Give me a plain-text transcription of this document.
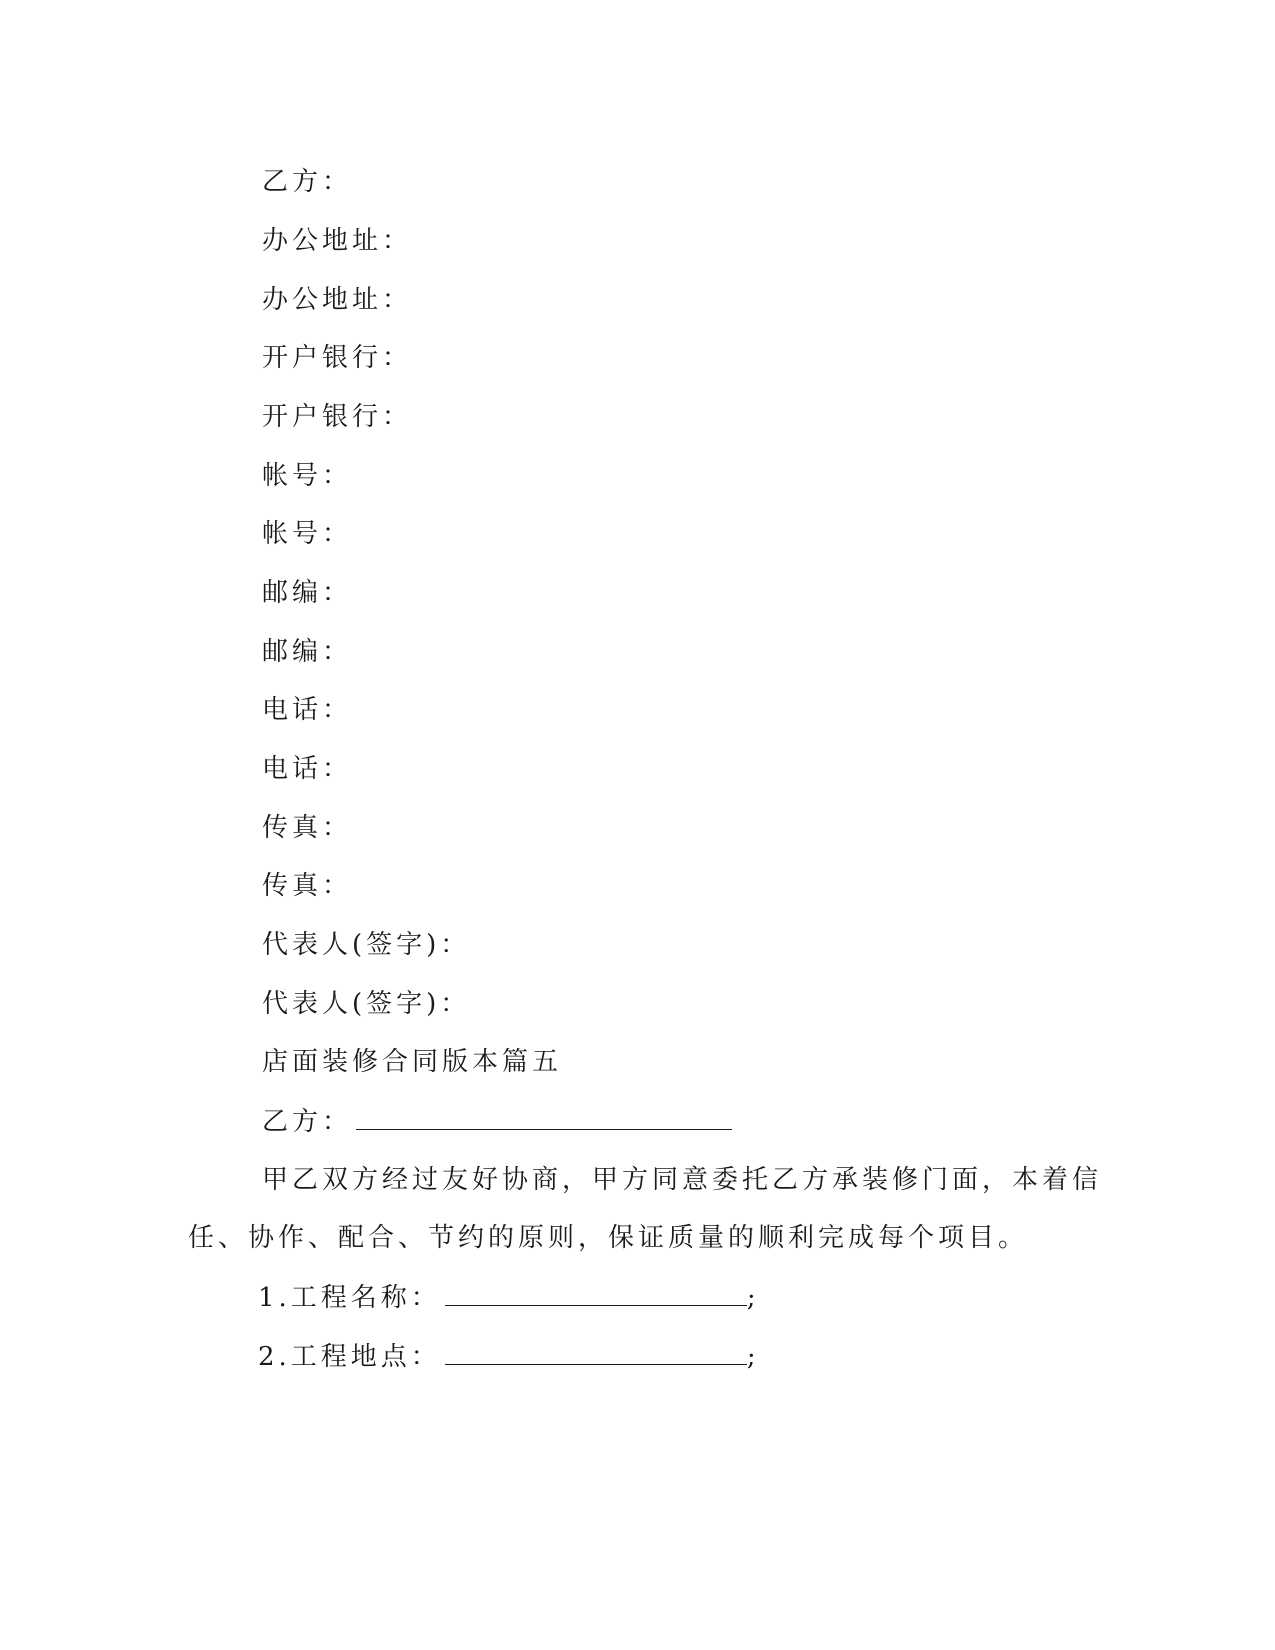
乙方：
办公地址：
办公地址：
开户银行：
开户银行：
帐号：
帐号：
邮编：
邮编：
电话：
电话：
传真：
传真：
代表人(签字)：
代表人(签字)：
店面装修合同版本篇五
乙方：
甲乙双方经过友好协商，甲方同意委托乙方承装修门面，本着信
任、协作、配合、节约的原则，保证质量的顺利完成每个项目。
1.工程名称：	;
2.工程地点：	;
